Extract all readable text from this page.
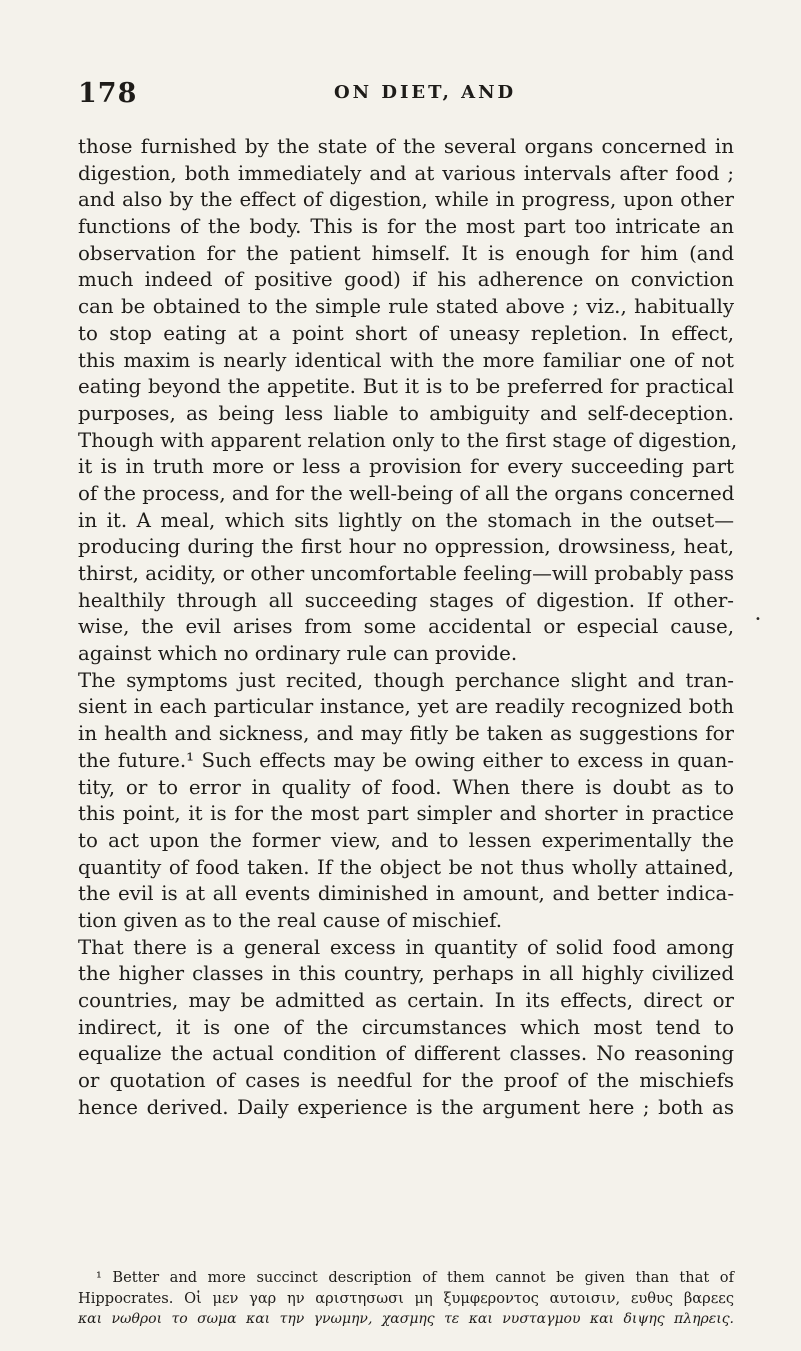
178	ON DIET, AND
those furnished by the state of the several organs concerned in
digestion, both immediately and at various intervals after food ;
and also by the effect of digestion, while in progress, upon other
functions of the body. This is for the most part too intricate an
observation for the patient himself. It is enough for him (and
much indeed of positive good) if his adherence on conviction
can be obtained to the simple rule stated above ; viz., habitually
to stop eating at a point short of uneasy repletion. In effect,
this maxim is nearly identical with the more familiar one of not
eating beyond the appetite. But it is to be preferred for practical
purposes, as being less liable to ambiguity and self-deception.
Though with apparent relation only to the first stage of digestion,
it is in truth more or less a provision for every succeeding part
of the process, and for the well-being of all the organs concerned
in it. A meal, which sits lightly on the stomach in the outset—
producing during the first hour no oppression, drowsiness, heat,
thirst, acidity, or other uncomfortable feeling—will probably pass
healthily through all succeeding stages of digestion. If other-
wise, the evil arises from some accidental or especial cause,
against which no ordinary rule can provide.
The symptoms just recited, though perchance slight and tran-
sient in each particular instance, yet are readily recognized both
in health and sickness, and may fitly be taken as suggestions for
the future.¹ Such effects may be owing either to excess in quan-
tity, or to error in quality of food. When there is doubt as to
this point, it is for the most part simpler and shorter in practice
to act upon the former view, and to lessen experimentally the
quantity of food taken. If the object be not thus wholly attained,
the evil is at all events diminished in amount, and better indica-
tion given as to the real cause of mischief.
That there is a general excess in quantity of solid food among
the higher classes in this country, perhaps in all highly civilized
countries, may be admitted as certain. In its effects, direct or
indirect, it is one of the circumstances which most tend to
equalize the actual condition of different classes. No reasoning
or quotation of cases is needful for the proof of the mischiefs
hence derived. Daily experience is the argument here ; both as
•
¹ Better and more succinct description of them cannot be given than that of
Hippocrates. Οἱ μεν γαρ ην αριστησωσι μη ξυμφεροντος αυτοισιν, ευθυς βαρεες
και νωθροι το σωμα και την γνωμην, χασμης τε και νυσταγμου και διψης πληρεις.
